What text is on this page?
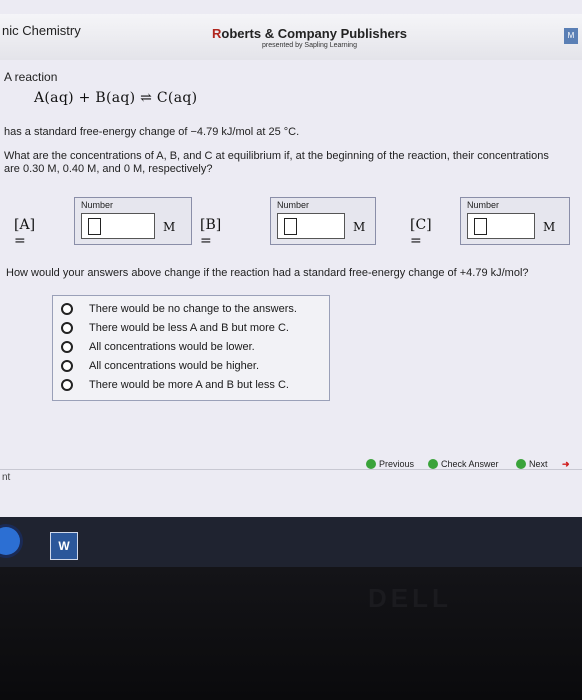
nic Chemistry	Roberts & Company Publishers
presented by Sapling Learning
M
A reaction
A(aq) + B(aq) ⇌ C(aq)
has a standard free-energy change of −4.79 kJ/mol at 25 °C.
What are the concentrations of A, B, and C at equilibrium if, at the beginning of the reaction, their concentrations are 0.30 M, 0.40 M, and 0 M, respectively?
[A] =
Number
M [B] =
Number
M	[C] =
Number
M
How would your answers above change if the reaction had a standard free-energy change of +4.79 kJ/mol?
There would be no change to the answers.
There would be less A and B but more C.
All concentrations would be lower.
All concentrations would be higher.
There would be more A and B but less C.
Previous	Check Answer	Next ➜
nt
W
DELL
